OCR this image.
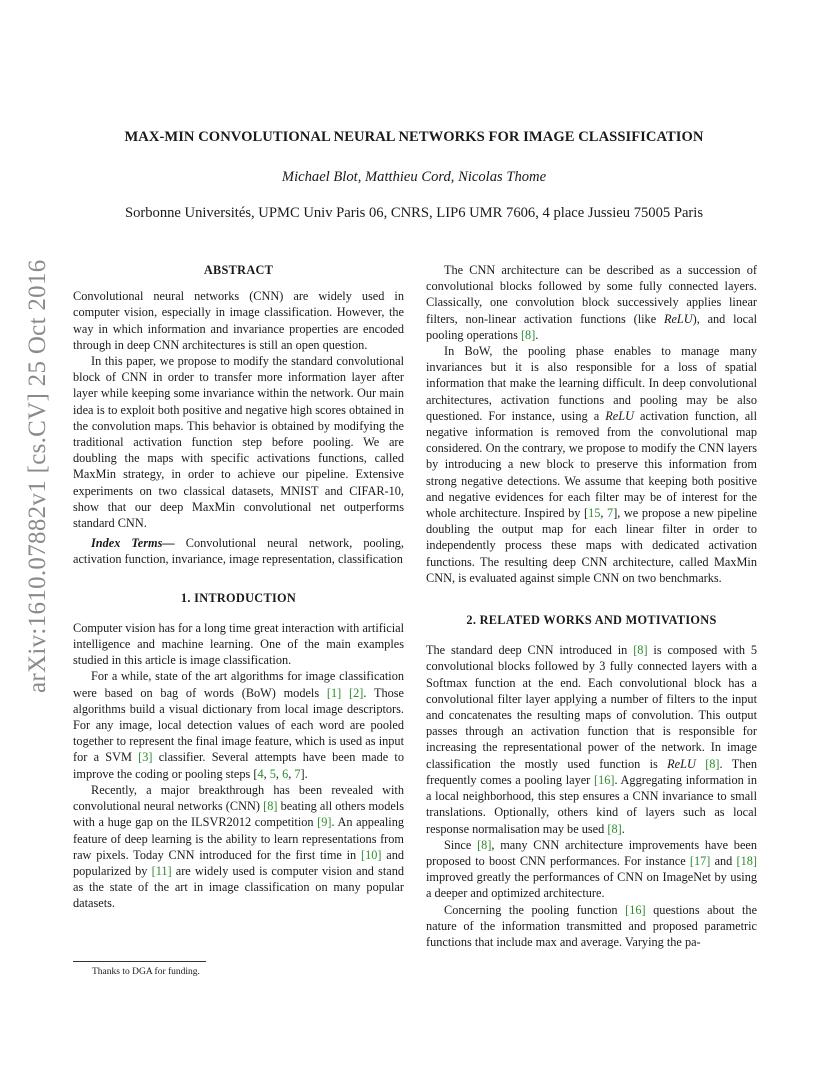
MAX-MIN CONVOLUTIONAL NEURAL NETWORKS FOR IMAGE CLASSIFICATION
Michael Blot, Matthieu Cord, Nicolas Thome
Sorbonne Universités, UPMC Univ Paris 06, CNRS, LIP6 UMR 7606, 4 place Jussieu 75005 Paris
arXiv:1610.07882v1 [cs.CV] 25 Oct 2016	ABSTRACT

Convolutional neural networks (CNN) are widely used in computer vision, especially in image classification. However, the way in which information and invariance properties are encoded through in deep CNN architectures is still an open question.

In this paper, we propose to modify the standard convolutional block of CNN in order to transfer more information layer after layer while keeping some invariance within the network. Our main idea is to exploit both positive and negative high scores obtained in the convolution maps. This behavior is obtained by modifying the traditional activation function step before pooling. We are doubling the maps with specific activations functions, called MaxMin strategy, in order to achieve our pipeline. Extensive experiments on two classical datasets, MNIST and CIFAR-10, show that our deep MaxMin convolutional net outperforms standard CNN.

Index Terms— Convolutional neural network, pooling, activation function, invariance, image representation, classification

1. INTRODUCTION

Computer vision has for a long time great interaction with artificial intelligence and machine learning. One of the main examples studied in this article is image classification.

For a while, state of the art algorithms for image classification were based on bag of words (BoW) models [1] [2]. Those algorithms build a visual dictionary from local image descriptors. For any image, local detection values of each word are pooled together to represent the final image feature, which is used as input for a SVM [3] classifier. Several attempts have been made to improve the coding or pooling steps [4, 5, 6, 7].

Recently, a major breakthrough has been revealed with convolutional neural networks (CNN) [8] beating all others models with a huge gap on the ILSVR2012 competition [9]. An appealing feature of deep learning is the ability to learn representations from raw pixels. Today CNN introduced for the first time in [10] and popularized by [11] are widely used is computer vision and stand as the state of the art in image classification on many popular datasets.

The CNN architecture can be described as a succession of convolutional blocks followed by some fully connected layers. Classically, one convolution block successively applies linear filters, non-linear activation functions (like ReLU), and local pooling operations [8].

In BoW, the pooling phase enables to manage many invariances but it is also responsible for a loss of spatial information that make the learning difficult. In deep convolutional architectures, activation functions and pooling may be also questioned. For instance, using a ReLU activation function, all negative information is removed from the convolutional map considered. On the contrary, we propose to modify the CNN layers by introducing a new block to preserve this information from strong negative detections. We assume that keeping both positive and negative evidences for each filter may be of interest for the whole architecture. Inspired by [15, 7], we propose a new pipeline doubling the output map for each linear filter in order to independently process these maps with dedicated activation functions. The resulting deep CNN architecture, called MaxMin CNN, is evaluated against simple CNN on two benchmarks.

2. RELATED WORKS AND MOTIVATIONS

The standard deep CNN introduced in [8] is composed with 5 convolutional blocks followed by 3 fully connected layers with a Softmax function at the end. Each convolutional block has a convolutional filter layer applying a number of filters to the input and concatenates the resulting maps of convolution. This output passes through an activation function that is responsible for increasing the representational power of the network. In image classification the mostly used function is ReLU [8]. Then frequently comes a pooling layer [16]. Aggregating information in a local neighborhood, this step ensures a CNN invariance to small translations. Optionally, others kind of layers such as local response normalisation may be used [8].

Since [8], many CNN architecture improvements have been proposed to boost CNN performances. For instance [17] and [18] improved greatly the performances of CNN on ImageNet by using a deeper and optimized architecture.

Concerning the pooling function [16] questions about the nature of the information transmitted and proposed parametric functions that include max and average. Varying the pa-

Thanks to DGA for funding.
